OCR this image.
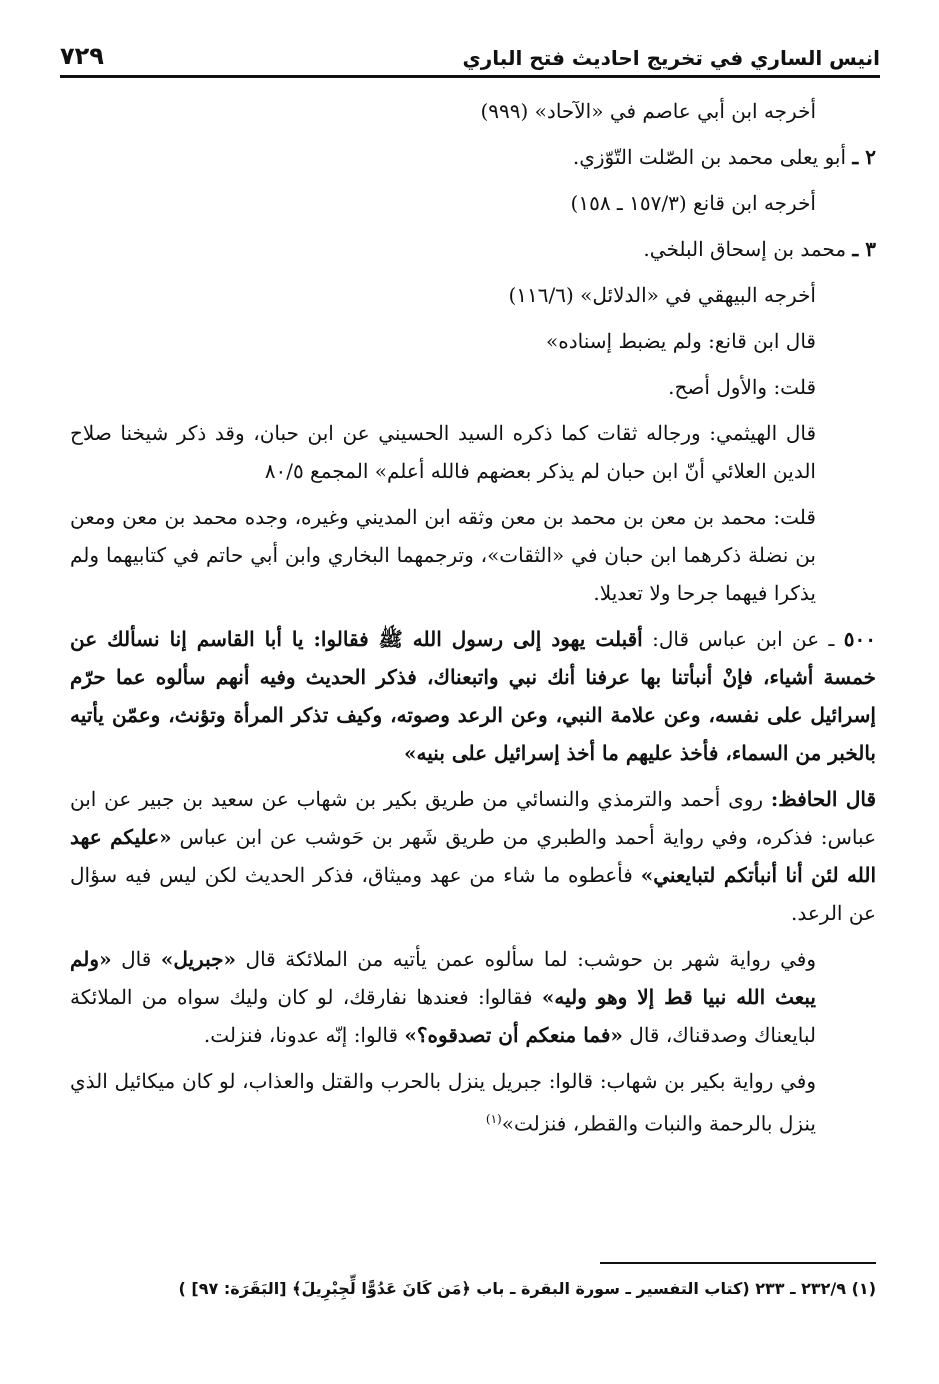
انيس الساري في تخريج احاديث فتح الباري
٧٢٩

أخرجه ابن أبي عاصم في «الآحاد» (٩٩٩)

٢ ـ أبو يعلى محمد بن الصّلت التّوّزي.

أخرجه ابن قانع (١٥٧/٣ ـ ١٥٨)

٣ ـ محمد بن إسحاق البلخي.

أخرجه البيهقي في «الدلائل» (١١٦/٦)

قال ابن قانع: ولم يضبط إسناده»

قلت: والأول أصح.

قال الهيثمي: ورجاله ثقات كما ذكره السيد الحسيني عن ابن حبان، وقد ذكر شيخنا صلاح الدين العلائي أنّ ابن حبان لم يذكر بعضهم فالله أعلم» المجمع ٨٠/٥

قلت: محمد بن معن بن محمد بن معن وثقه ابن المديني وغيره، وجده محمد بن معن ومعن بن نضلة ذكرهما ابن حبان في «الثقات»، وترجمهما البخاري وابن أبي حاتم في كتابيهما ولم يذكرا فيهما جرحا ولا تعديلا.

٥٠٠ ـ عن ابن عباس قال: أقبلت يهود إلى رسول الله ﷺ فقالوا: يا أبا القاسم إنا نسألك عن خمسة أشياء، فإنْ أنبأتنا بها عرفنا أنك نبي واتبعناك، فذكر الحديث وفيه أنهم سألوه عما حرّم إسرائيل على نفسه، وعن علامة النبي، وعن الرعد وصوته، وكيف تذكر المرأة وتؤنث، وعمّن يأتيه بالخبر من السماء، فأخذ عليهم ما أخذ إسرائيل على بنيه»

قال الحافظ: روى أحمد والترمذي والنسائي من طريق بكير بن شهاب عن سعيد بن جبير عن ابن عباس: فذكره، وفي رواية أحمد والطبري من طريق شَهر بن حَوشب عن ابن عباس «عليكم عهد الله لئن أنا أنبأتكم لتبايعني» فأعطوه ما شاء من عهد وميثاق، فذكر الحديث لكن ليس فيه سؤال عن الرعد.

وفي رواية شهر بن حوشب: لما سألوه عمن يأتيه من الملائكة قال «جبريل» قال «ولم يبعث الله نبيا قط إلا وهو وليه» فقالوا: فعندها نفارقك، لو كان وليك سواه من الملائكة لبايعناك وصدقناك، قال «فما منعكم أن تصدقوه؟» قالوا: إنّه عدونا، فنزلت.

وفي رواية بكير بن شهاب: قالوا: جبريل ينزل بالحرب والقتل والعذاب، لو كان ميكائيل الذي ينزل بالرحمة والنبات والقطر، فنزلت»$^{(١)}$

(١) ٢٣٢/٩ ـ ٢٣٣ (كتاب التفسير ـ سورة البقرة ـ باب ﴿مَن كَانَ عَدُوًّا لِّجِبْرِيلَ﴾ [البَقَرَة: ٩٧] )
